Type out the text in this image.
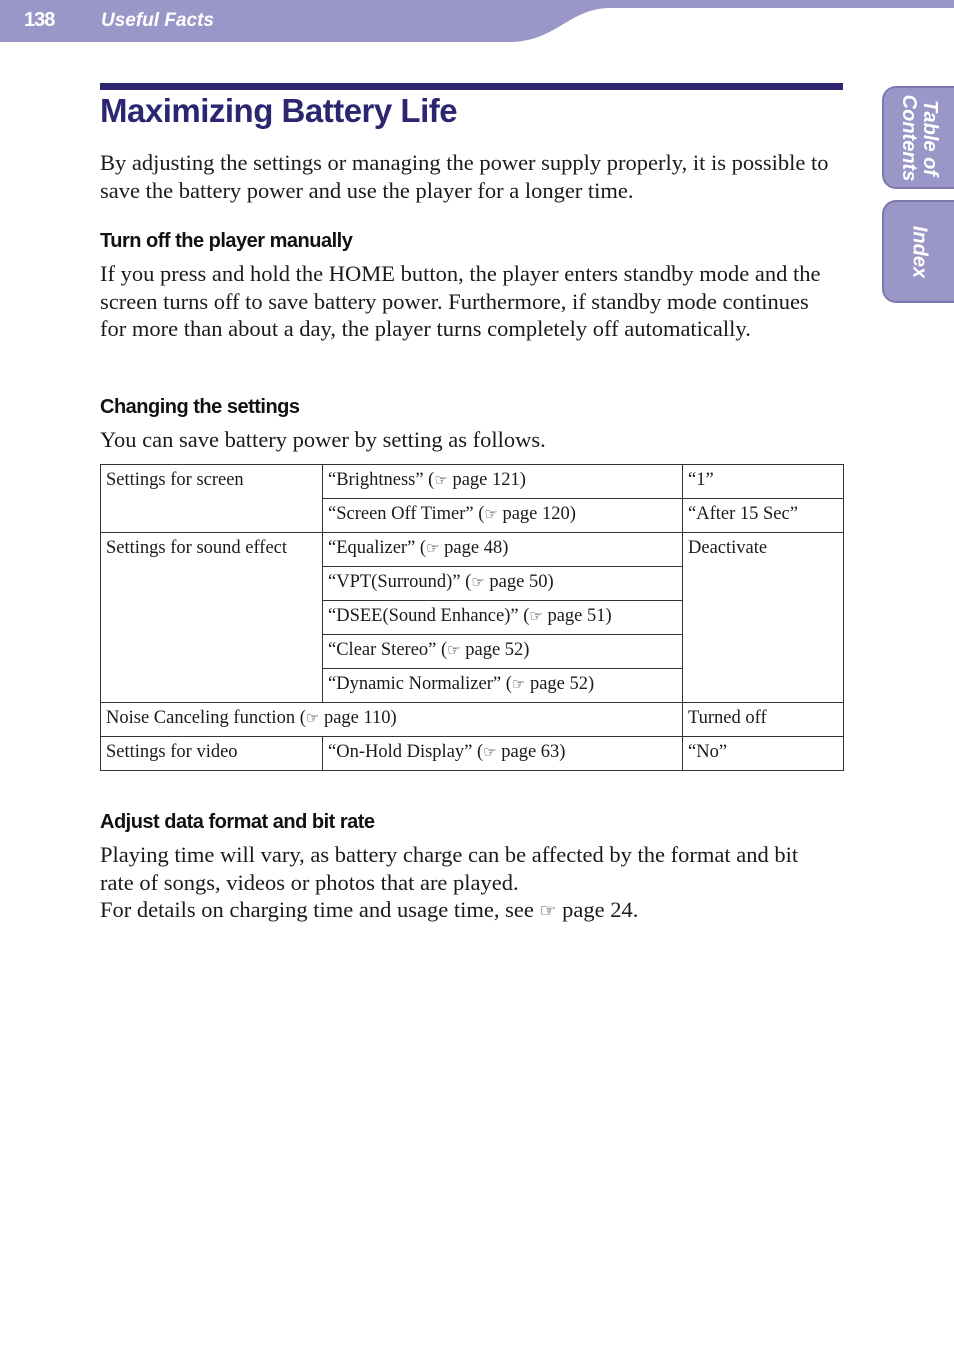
138 Useful Facts
Table of
Contents
Index
Maximizing Battery Life

By adjusting the settings or managing the power supply properly, it is possible to save the battery power and use the player for a longer time.

Turn off the player manually

If you press and hold the HOME button, the player enters standby mode and the screen turns off to save battery power. Furthermore, if standby mode continues for more than about a day, the player turns completely off automatically.

Changing the settings

You can save battery power by setting as follows.

Settings for screen	“Brightness” (☞ page 121)	“1”
	“Screen Off Timer” (☞ page 120)	“After 15 Sec”
Settings for sound effect	“Equalizer” (☞ page 48)	Deactivate
	“VPT(Surround)” (☞ page 50)	
	“DSEE(Sound Enhance)” (☞ page 51)	
	“Clear Stereo” (☞ page 52)	
	“Dynamic Normalizer” (☞ page 52)	
Noise Canceling function (☞ page 110)		Turned off
Settings for video	“On-Hold Display” (☞ page 63)	“No”
Adjust data format and bit rate

Playing time will vary, as battery charge can be affected by the format and bit rate of songs, videos or photos that are played.

For details on charging time and usage time, see ☞ page 24.
